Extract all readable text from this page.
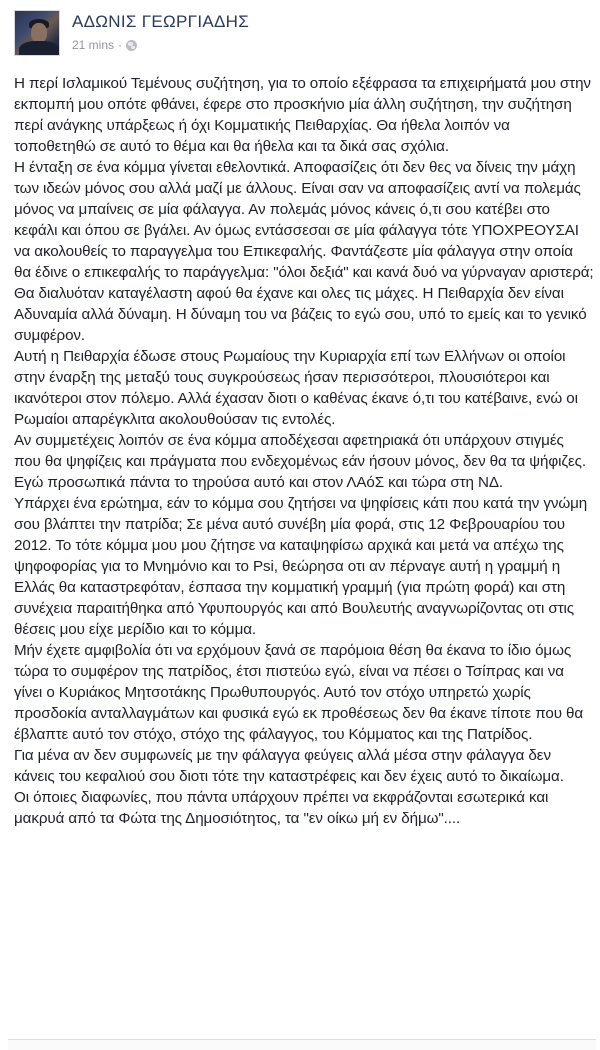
ΑΔΩΝΙΣ ΓΕΩΡΓΙΑΔΗΣ
21 mins ·

Η περί Ισλαμικού Τεμένους συζήτηση, για το οποίο εξέφρασα τα επιχειρήματά μου στην εκπομπή μου οπότε φθάνει, έφερε στο προσκήνιο μία άλλη συζήτηση, την συζήτηση περί ανάγκης υπάρξεως ή όχι Κομματικής Πειθαρχίας. Θα ήθελα λοιπόν να τοποθετηθώ σε αυτό το θέμα και θα ήθελα και τα δικά σας σχόλια.

Η ένταξη σε ένα κόμμα γίνεται εθελοντικά. Αποφασίζεις ότι δεν θες να δίνεις την μάχη των ιδεών μόνος σου αλλά μαζί με άλλους. Είναι σαν να αποφασίζεις αντί να πολεμάς μόνος να μπαίνεις σε μία φάλαγγα. Αν πολεμάς μόνος κάνεις ό,τι σου κατέβει στο κεφάλι και όπου σε βγάλει. Αν όμως εντάσσεσαι σε μία φάλαγγα τότε ΥΠΟΧΡΕΟΥΣΑΙ να ακολουθείς το παραγγελμα του Επικεφαλής. Φαντάζεστε μία φάλαγγα στην οποία θα έδινε ο επικεφαλής το παράγγελμα: "όλοι δεξιά" και κανά δυό να γύρναγαν αριστερά; Θα διαλυόταν καταγέλαστη αφού θα έχανε και ολες τις μάχες. Η Πειθαρχία δεν είναι Αδυναμία αλλά δύναμη. Η δύναμη του να βάζεις το εγώ σου, υπό το εμείς και το γενικό συμφέρον.

Αυτή η Πειθαρχία έδωσε στους Ρωμαίους την Κυριαρχία επί των Ελλήνων οι οποίοι στην έναρξη της μεταξύ τους συγκρούσεως ήσαν περισσότεροι, πλουσιότεροι και ικανότεροι στον πόλεμο. Αλλά έχασαν διοτι ο καθένας έκανε ό,τι του κατέβαινε, ενώ οι Ρωμαίοι απαρέγκλιτα ακολουθούσαν τις εντολές.

Αν συμμετέχεις λοιπόν σε ένα κόμμα αποδέχεσαι αφετηριακά ότι υπάρχουν στιγμές που θα ψηφίζεις και πράγματα που ενδεχομένως εάν ήσουν μόνος, δεν θα τα ψήφιζες.

Εγώ προσωπικά πάντα το τηρούσα αυτό και στον ΛΑόΣ και τώρα στη ΝΔ.

Υπάρχει ένα ερώτημα, εάν το κόμμα σου ζητήσει να ψηφίσεις κάτι που κατά την γνώμη σου βλάπτει την πατρίδα; Σε μένα αυτό συνέβη μία φορά, στις 12 Φεβρουαρίου του 2012. Το τότε κόμμα μου μου ζήτησε να καταψηφίσω αρχικά και μετά να απέχω της ψηφοφορίας για το Μνημόνιο και το Psi, θεώρησα οτι αν πέρναγε αυτή η γραμμή η Ελλάς θα καταστρεφόταν, έσπασα την κομματική γραμμή (για πρώτη φορά) και στη συνέχεια παραιτήθηκα από Υφυπουργός και από Βουλευτής αναγνωρίζοντας οτι στις θέσεις μου είχε μερίδιο και το κόμμα.

Μήν έχετε αμφιβολία ότι να ερχόμουν ξανά σε παρόμοια θέση θα έκανα το ίδιο όμως τώρα το συμφέρον της πατρίδος, έτσι πιστεύω εγώ, είναι να πέσει ο Τσίπρας και να γίνει ο Κυριάκος Μητσοτάκης Πρωθυπουργός. Αυτό τον στόχο υπηρετώ χωρίς προσδοκία ανταλλαγμάτων και φυσικά εγώ εκ προθέσεως δεν θα έκανε τίποτε που θα έβλαπτε αυτό τον στόχο, στόχο της φάλαγγος, του Κόμματος και της Πατρίδος.

Για μένα αν δεν συμφωνείς με την φάλαγγα φεύγεις αλλά μέσα στην φάλαγγα δεν κάνεις του κεφαλιού σου διοτι τότε την καταστρέφεις και δεν έχεις αυτό το δικαίωμα.

Οι όποιες διαφωνίες, που πάντα υπάρχουν πρέπει να εκφράζονται εσωτερικά και μακρυά από τα Φώτα της Δημοσιότητος, τα "εν οίκω μή εν δήμω"....
